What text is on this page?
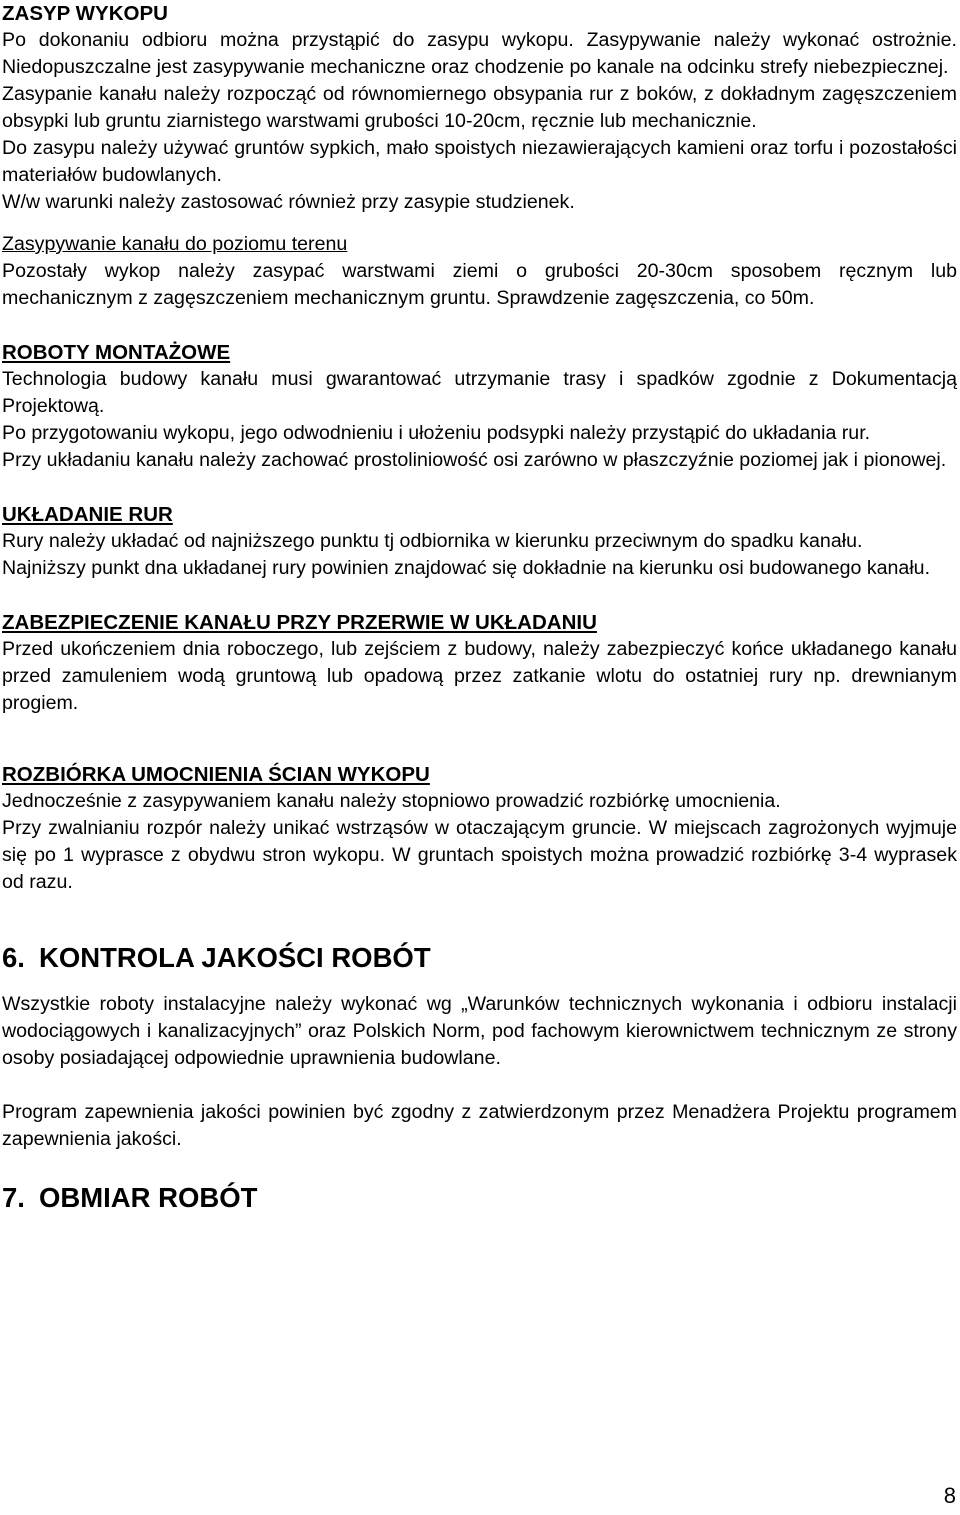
ZASYP WYKOPU

Po dokonaniu odbioru można przystąpić do zasypu wykopu. Zasypywanie należy wykonać ostrożnie. Niedopuszczalne jest zasypywanie mechaniczne oraz chodzenie po kanale na odcinku strefy niebezpiecznej.

Zasypanie kanału należy rozpocząć od równomiernego obsypania rur z boków, z dokładnym zagęszczeniem obsypki lub gruntu ziarnistego warstwami grubości 10-20cm, ręcznie lub mechanicznie.

Do zasypu należy używać gruntów sypkich, mało spoistych niezawierających kamieni oraz torfu i pozostałości materiałów budowlanych.

W/w warunki należy zastosować również przy zasypie studzienek.

Zasypywanie kanału do poziomu terenu

Pozostały wykop należy zasypać warstwami ziemi o grubości 20-30cm sposobem ręcznym lub mechanicznym z zagęszczeniem mechanicznym gruntu. Sprawdzenie zagęszczenia, co 50m.

ROBOTY MONTAŻOWE

Technologia budowy kanału musi gwarantować utrzymanie trasy i spadków zgodnie z Dokumentacją Projektową.

Po przygotowaniu wykopu, jego odwodnieniu i ułożeniu podsypki należy przystąpić do układania rur.

Przy układaniu kanału należy zachować prostoliniowość osi zarówno w płaszczyźnie poziomej jak i pionowej.

UKŁADANIE RUR

Rury należy układać od najniższego punktu tj odbiornika w kierunku przeciwnym do spadku kanału.

Najniższy punkt dna układanej rury powinien znajdować się dokładnie na kierunku osi budowanego kanału.

ZABEZPIECZENIE KANAŁU PRZY PRZERWIE W UKŁADANIU

Przed ukończeniem dnia roboczego, lub zejściem z budowy, należy zabezpieczyć końce układanego kanału przed zamuleniem wodą gruntową lub opadową przez zatkanie wlotu do ostatniej rury np. drewnianym progiem.

ROZBIÓRKA UMOCNIENIA ŚCIAN WYKOPU

Jednocześnie z zasypywaniem kanału należy stopniowo prowadzić rozbiórkę umocnienia.

Przy zwalnianiu rozpór należy unikać wstrząsów w otaczającym gruncie. W miejscach zagrożonych wyjmuje się po 1 wyprasce z obydwu stron wykopu. W gruntach spoistych można prowadzić rozbiórkę 3-4 wyprasek od razu.

6. KONTROLA JAKOŚCI ROBÓT

Wszystkie roboty instalacyjne należy wykonać wg „Warunków technicznych wykonania i odbioru instalacji wodociągowych i kanalizacyjnych” oraz Polskich Norm, pod fachowym kierownictwem technicznym ze strony osoby posiadającej odpowiednie uprawnienia budowlane.

Program zapewnienia jakości powinien być zgodny z zatwierdzonym przez Menadżera Projektu programem zapewnienia jakości.

7. OBMIAR ROBÓT
8
